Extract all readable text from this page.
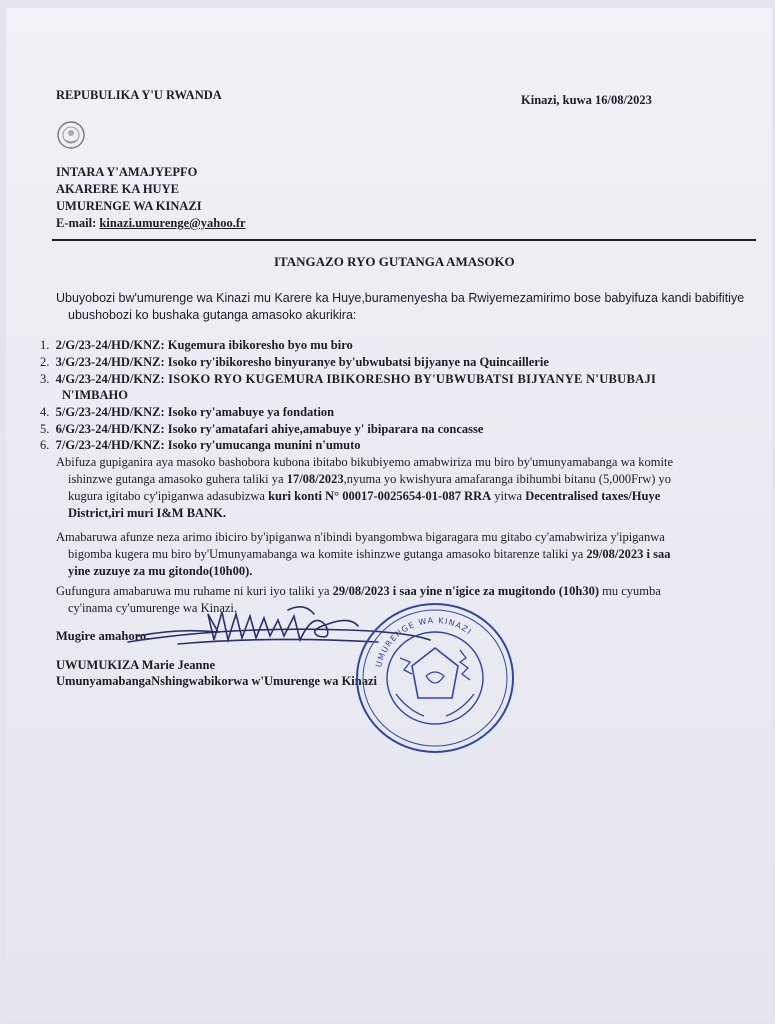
REPUBULIKA Y'U RWANDA	Kinazi, kuwa 16/08/2023
INTARA Y'AMAJYEPFO
AKARERE KA HUYE
UMURENGE WA KINAZI
E-mail: kinazi.umurenge@yahoo.fr
ITANGAZO RYO GUTANGA AMASOKO
Ubuyobozi bw'umurenge wa Kinazi mu Karere ka Huye,buramenyesha ba Rwiyemezamirimo bose babyifuza kandi babifitiye
ubushobozi ko bushaka gutanga amasoko akurikira:
1. 2/G/23-24/HD/KNZ: Kugemura ibikoresho byo mu biro
2. 3/G/23-24/HD/KNZ: Isoko ry'ibikoresho binyuranye by'ubwubatsi bijyanye na Quincaillerie
3. 4/G/23-24/HD/KNZ: ISOKO RYO KUGEMURA IBIKORESHO BY'UBWUBATSI BIJYANYE N'UBUBAJI
N'IMBAHO
4. 5/G/23-24/HD/KNZ: Isoko ry'amabuye ya fondation
5. 6/G/23-24/HD/KNZ: Isoko ry'amatafari ahiye,amabuye y' ibiparara na concasse
6. 7/G/23-24/HD/KNZ: Isoko ry'umucanga munini n'umuto
Abifuza gupiganira aya masoko bashobora kubona ibitabo bikubiyemo amabwiriza mu biro by'umunyamabanga wa komite
ishinzwe gutanga amasoko guhera taliki ya 17/08/2023,nyuma yo kwishyura amafaranga ibihumbi bitanu (5,000Frw) yo
kugura igitabo cy'ipiganwa adasubizwa kuri konti N° 00017-0025654-01-087 RRA yitwa Decentralised taxes/Huye
District,iri muri I&M BANK.
Amabaruwa afunze neza arimo ibiciro by'ipiganwa n'ibindi byangombwa bigaragara mu gitabo cy'amabwiriza y'ipiganwa
bigomba kugera mu biro by'Umunyamabanga wa komite ishinzwe gutanga amasoko bitarenze taliki ya 29/08/2023 i saa
yine zuzuye za mu gitondo(10h00).
Gufungura amabaruwa mu ruhame ni kuri iyo taliki ya 29/08/2023 i saa yine n'igice za mugitondo (10h30) mu cyumba
cy'inama cy'umurenge wa Kinazi.
Mugire amahoro.
UWUMUKIZA Marie Jeanne
UmunyamabangaNshingwabikorwa w'Umurenge wa Kinazi
UMURENGE WA KINAZI
